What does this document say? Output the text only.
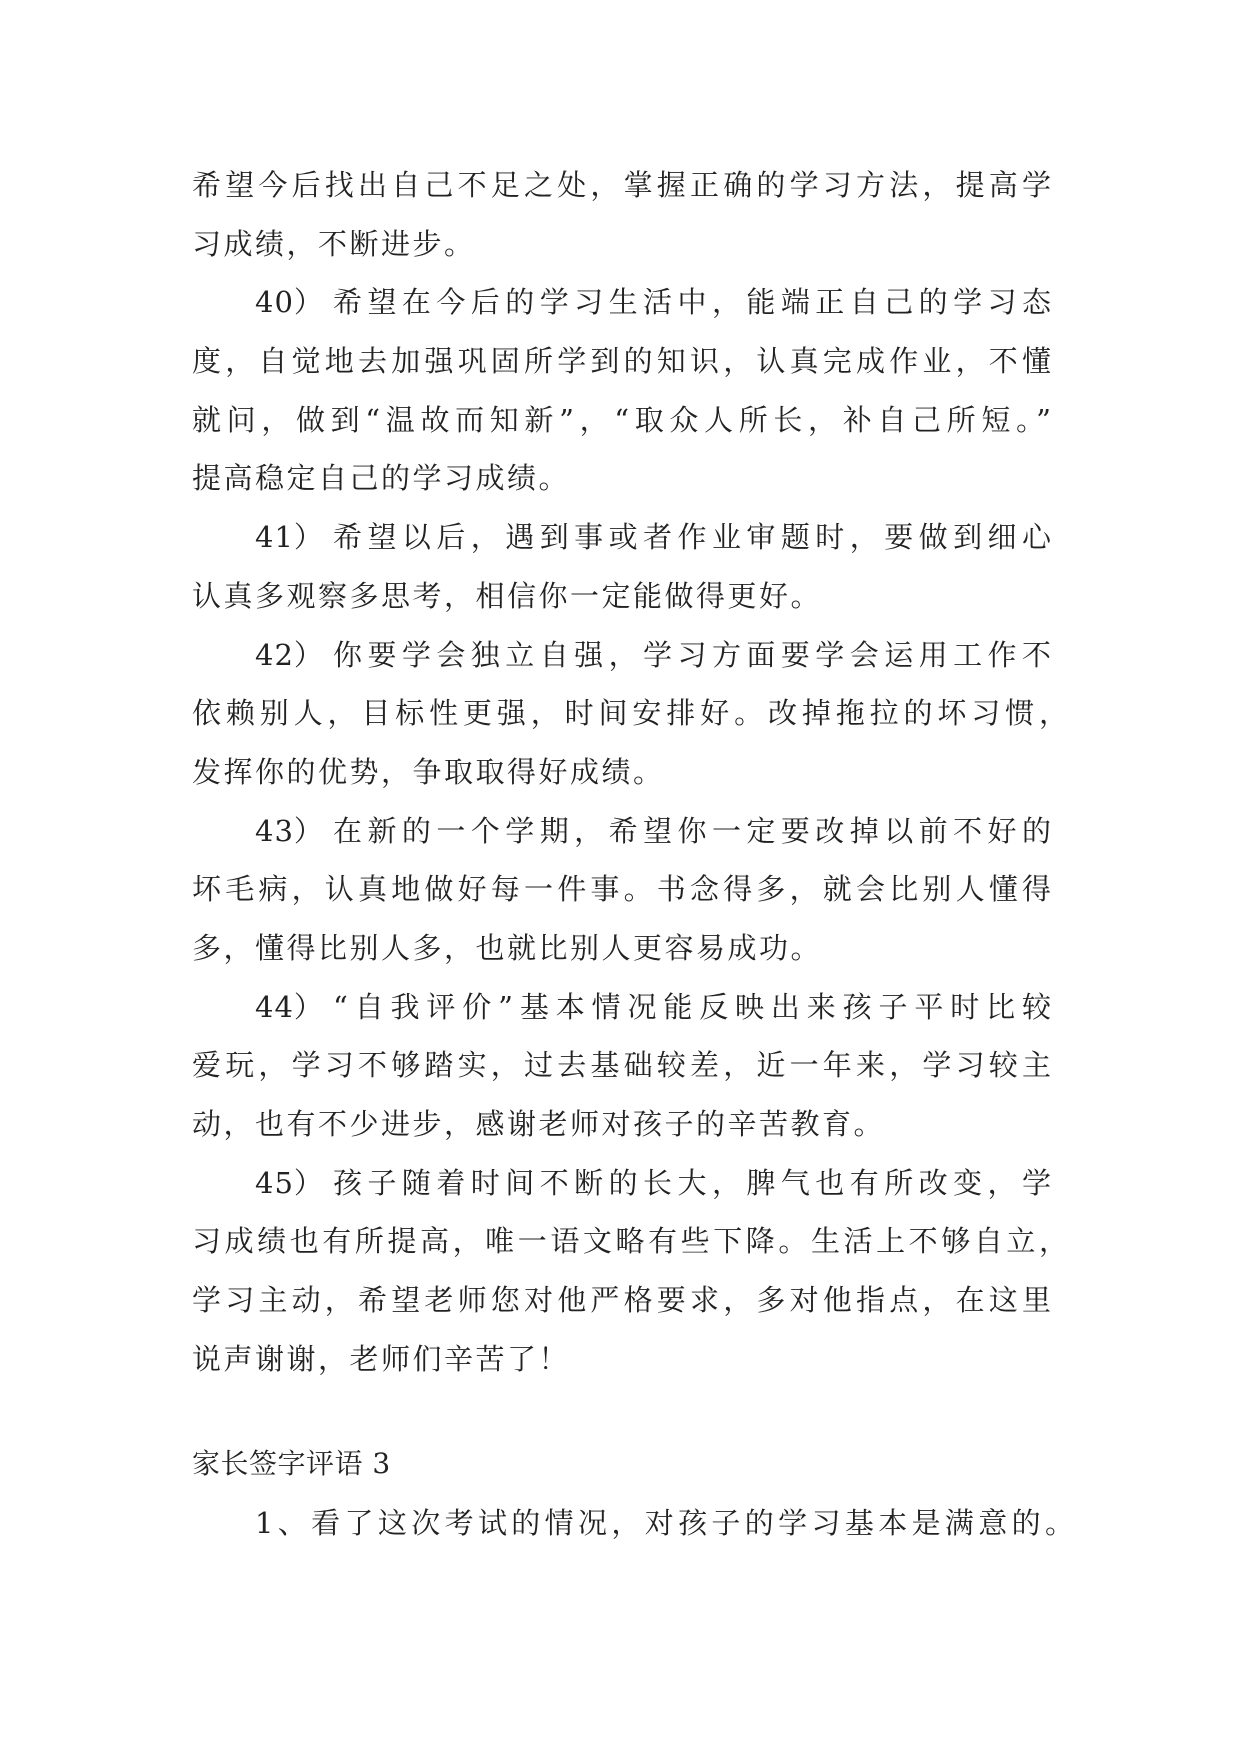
希望今后找出自己不足之处，掌握正确的学习方法，提高学
习成绩，不断进步。
40） 希望在今后的学习生活中，能端正自己的学习态
度，自觉地去加强巩固所学到的知识，认真完成作业，不懂
就问，做到“温故而知新”，“取众人所长，补自己所短。”
提高稳定自己的学习成绩。
41） 希望以后，遇到事或者作业审题时，要做到细心
认真多观察多思考，相信你一定能做得更好。
42） 你要学会独立自强，学习方面要学会运用工作不
依赖别人，目标性更强，时间安排好。改掉拖拉的坏习惯，
发挥你的优势，争取取得好成绩。
43） 在新的一个学期，希望你一定要改掉以前不好的
坏毛病，认真地做好每一件事。书念得多，就会比别人懂得
多，懂得比别人多，也就比别人更容易成功。
44） “自我评价”基本情况能反映出来孩子平时比较
爱玩，学习不够踏实，过去基础较差，近一年来，学习较主
动，也有不少进步，感谢老师对孩子的辛苦教育。
45） 孩子随着时间不断的长大，脾气也有所改变，学
习成绩也有所提高，唯一语文略有些下降。生活上不够自立，
学习主动，希望老师您对他严格要求，多对他指点，在这里
说声谢谢，老师们辛苦了！
家长签字评语 3
1、看了这次考试的情况，对孩子的学习基本是满意的。
